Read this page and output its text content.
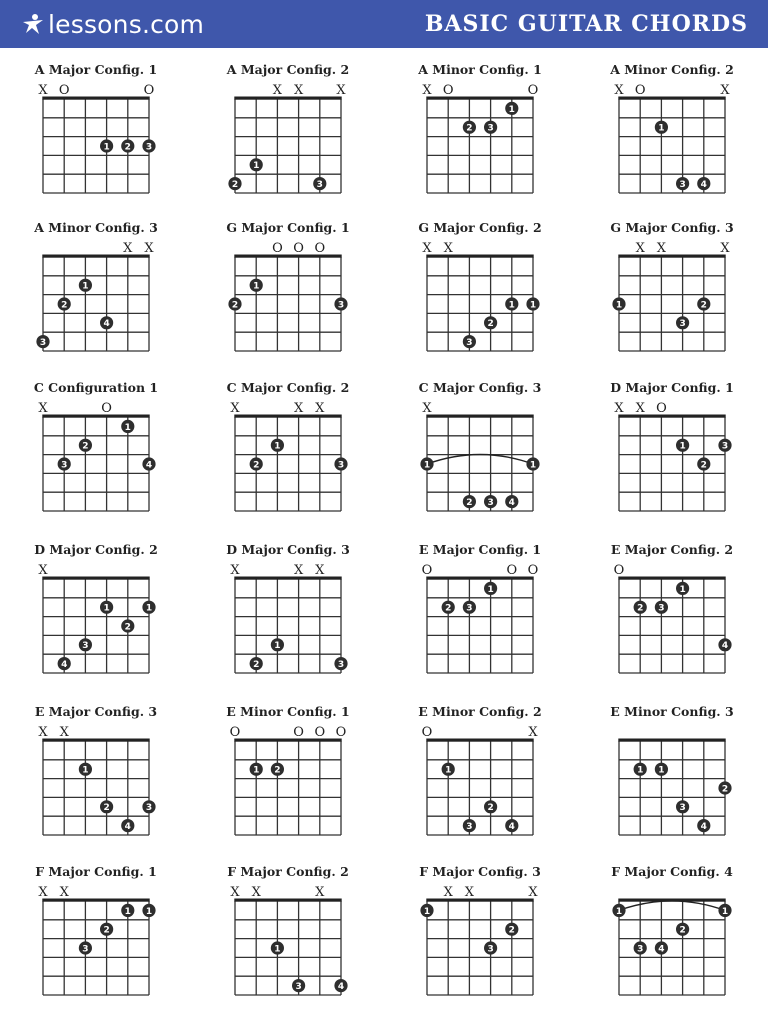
lessons.com	BASIC GUITAR CHORDS
A Major Config. 1
X O	O
1 2 3
A Major Config. 2
X X	X
1
2	3
A Minor Config. 1
X O	O
1
2 3
A Minor Config. 2
X O	X
1
3 4
A Minor Config. 3
X X
1
2
4
3
G Major Config. 1
O O O
1
2	3
G Major Config. 2
X X
1 1
2
3
G Major Config. 3
X X	X
1	2
3
C Configuration 1
X	O
1
2
3	4
C Major Config. 2
X	X X
1
2	3
C Major Config. 3
X
1	1
2 3 4
D Major Config. 1
X X O
1	3
2
D Major Config. 2
X
1	1
2
3
4
D Major Config. 3
X	X X
1
2	3
E Major Config. 1
O	O O
1
2 3
E Major Config. 2
O
1
2 3
4
E Major Config. 3
X X
1
2	3
4
E Minor Config. 1
O	O O O
1 2
E Minor Config. 2
O	X
1
2
3	4
E Minor Config. 3
1 1
2
3
4
F Major Config. 1
X X
1 1
2
3
F Major Config. 2
X X	X
1
3	4
F Major Config. 3
X X	X
1
2
3
F Major Config. 4
1	1
2
3 4
